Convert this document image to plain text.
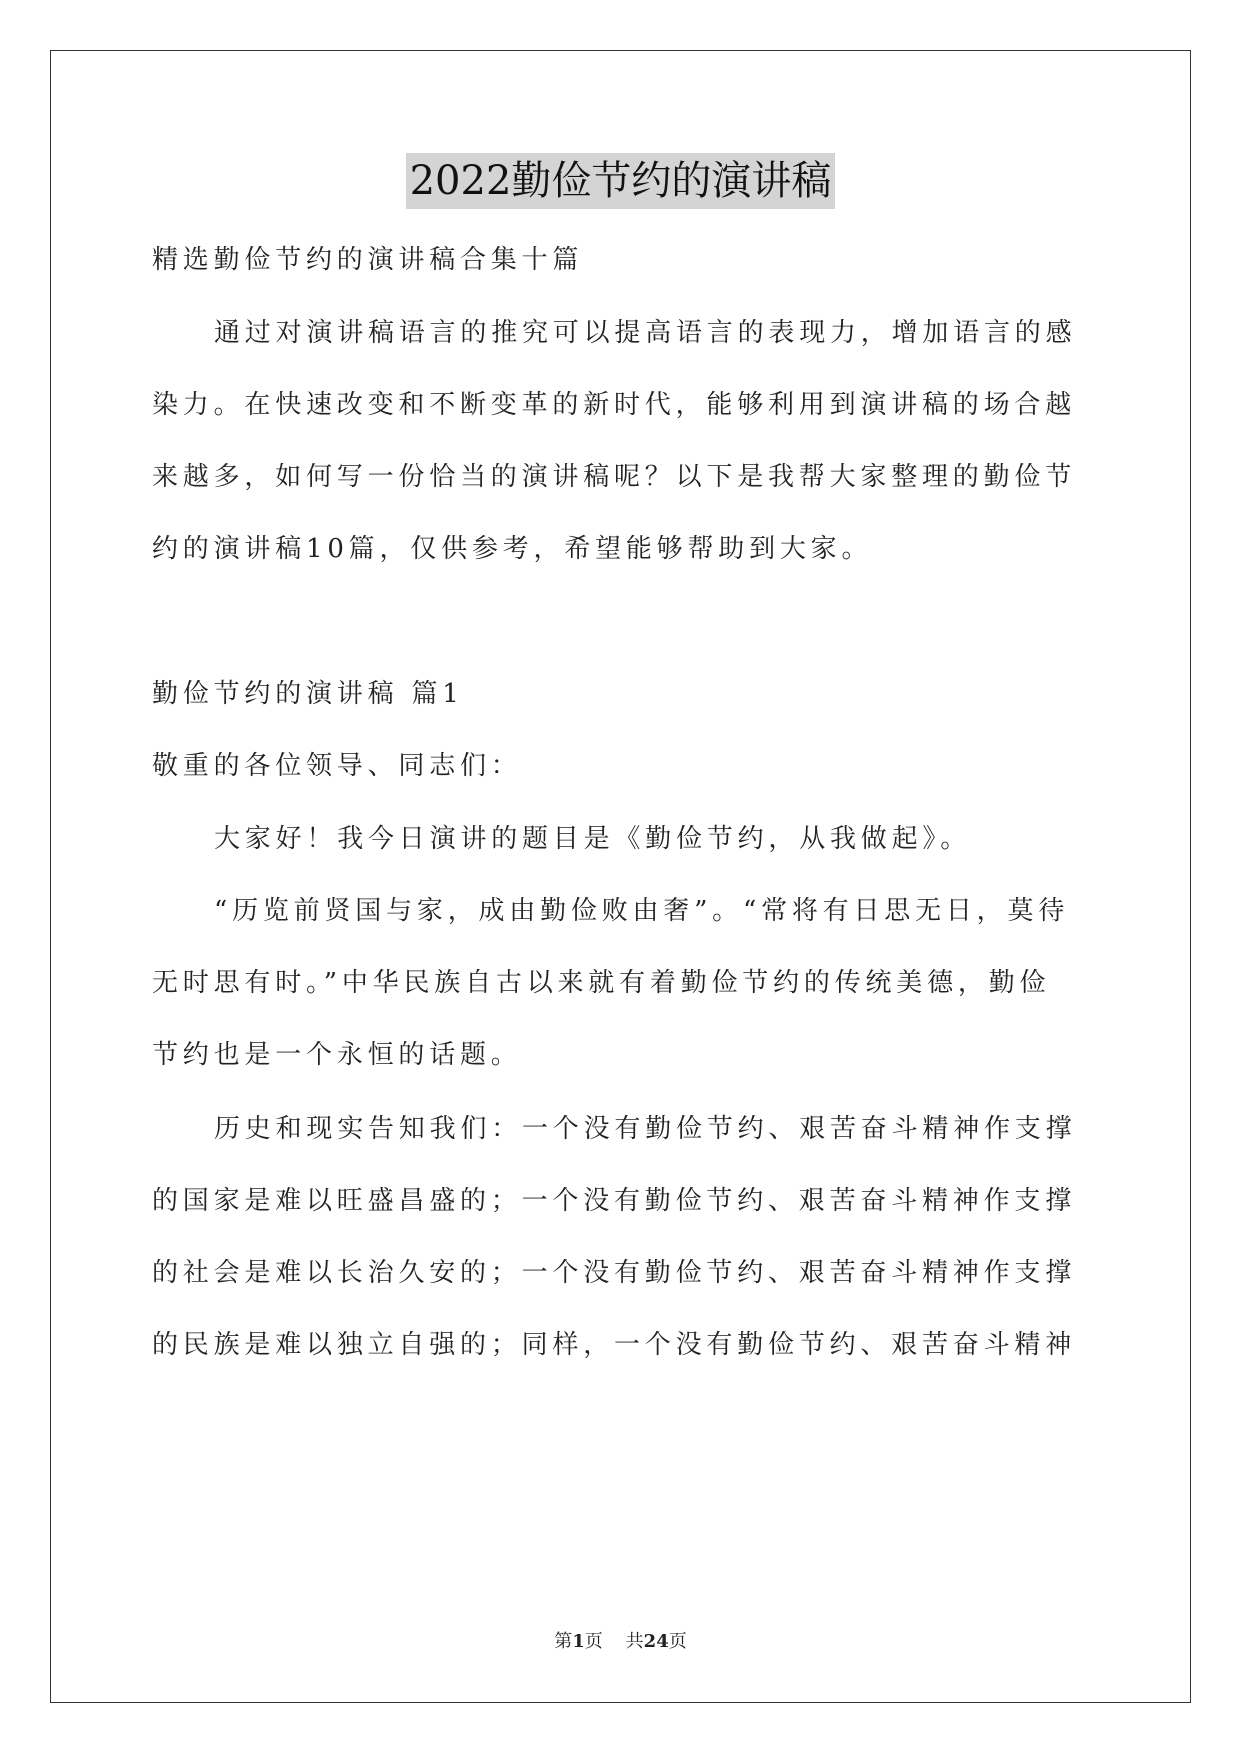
2022勤俭节约的演讲稿
精选勤俭节约的演讲稿合集十篇
通过对演讲稿语言的推究可以提高语言的表现力，增加语言的感
染力。在快速改变和不断变革的新时代，能够利用到演讲稿的场合越
来越多，如何写一份恰当的演讲稿呢？以下是我帮大家整理的勤俭节
约的演讲稿10篇，仅供参考，希望能够帮助到大家。
勤俭节约的演讲稿 篇1
敬重的各位领导、同志们：
大家好！我今日演讲的题目是《勤俭节约，从我做起》。
“历览前贤国与家，成由勤俭败由奢”。“常将有日思无日，莫待
无时思有时。”中华民族自古以来就有着勤俭节约的传统美德，勤俭
节约也是一个永恒的话题。
历史和现实告知我们：一个没有勤俭节约、艰苦奋斗精神作支撑
的国家是难以旺盛昌盛的；一个没有勤俭节约、艰苦奋斗精神作支撑
的社会是难以长治久安的；一个没有勤俭节约、艰苦奋斗精神作支撑
的民族是难以独立自强的；同样，一个没有勤俭节约、艰苦奋斗精神
第1页 共24页
